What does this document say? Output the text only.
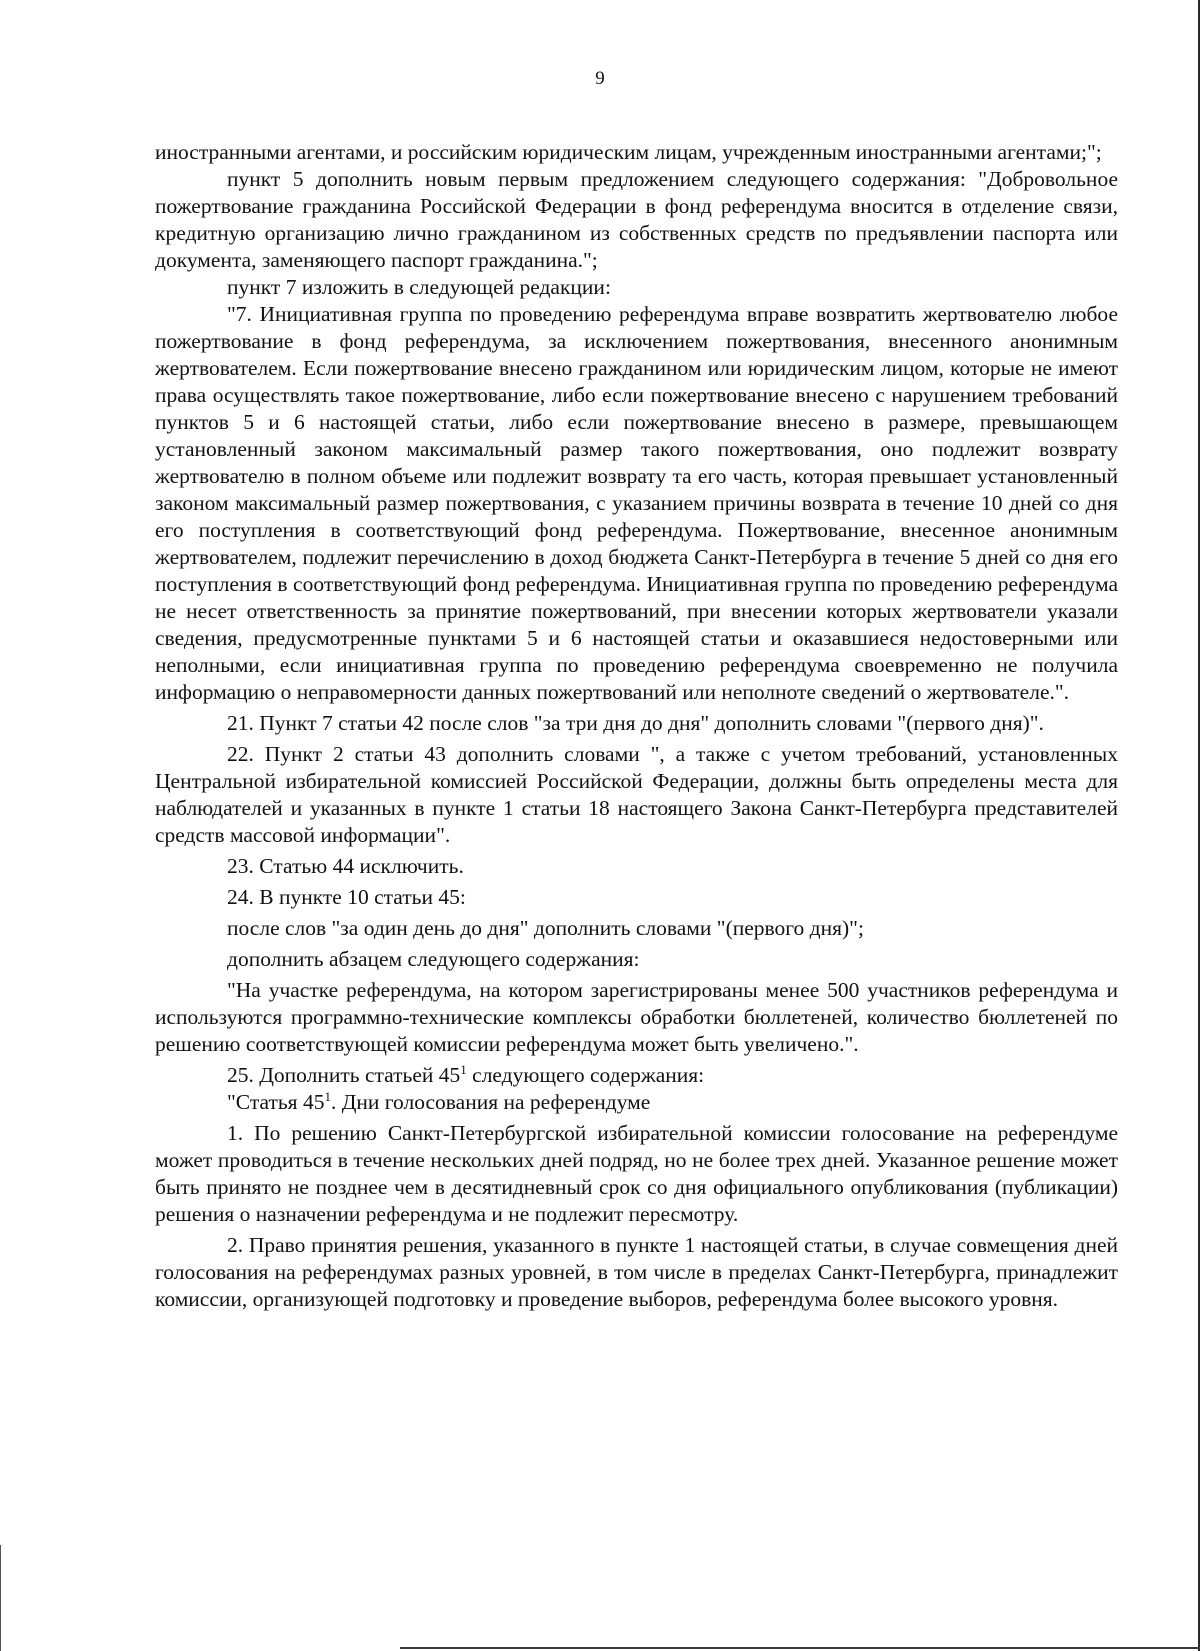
9

иностранными агентами, и российским юридическим лицам, учрежденным иностранными агентами;";

пункт 5 дополнить новым первым предложением следующего содержания: "Добровольное пожертвование гражданина Российской Федерации в фонд референдума вносится в отделение связи, кредитную организацию лично гражданином из собственных средств по предъявлении паспорта или документа, заменяющего паспорт гражданина.";

пункт 7 изложить в следующей редакции:

"7. Инициативная группа по проведению референдума вправе возвратить жертвователю любое пожертвование в фонд референдума, за исключением пожертвования, внесенного анонимным жертвователем. Если пожертвование внесено гражданином или юридическим лицом, которые не имеют права осуществлять такое пожертвование, либо если пожертвование внесено с нарушением требований пунктов 5 и 6 настоящей статьи, либо если пожертвование внесено в размере, превышающем установленный законом максимальный размер такого пожертвования, оно подлежит возврату жертвователю в полном объеме или подлежит возврату та его часть, которая превышает установленный законом максимальный размер пожертвования, с указанием причины возврата в течение 10 дней со дня его поступления в соответствующий фонд референдума. Пожертвование, внесенное анонимным жертвователем, подлежит перечислению в доход бюджета Санкт-Петербурга в течение 5 дней со дня его поступления в соответствующий фонд референдума. Инициативная группа по проведению референдума не несет ответственность за принятие пожертвований, при внесении которых жертвователи указали сведения, предусмотренные пунктами 5 и 6 настоящей статьи и оказавшиеся недостоверными или неполными, если инициативная группа по проведению референдума своевременно не получила информацию о неправомерности данных пожертвований или неполноте сведений о жертвователе.".

21. Пункт 7 статьи 42 после слов "за три дня до дня" дополнить словами "(первого дня)".

22. Пункт 2 статьи 43 дополнить словами ", а также с учетом требований, установленных Центральной избирательной комиссией Российской Федерации, должны быть определены места для наблюдателей и указанных в пункте 1 статьи 18 настоящего Закона Санкт-Петербурга представителей средств массовой информации".

23. Статью 44 исключить.

24. В пункте 10 статьи 45:

после слов "за один день до дня" дополнить словами "(первого дня)";

дополнить абзацем следующего содержания:

"На участке референдума, на котором зарегистрированы менее 500 участников референдума и используются программно-технические комплексы обработки бюллетеней, количество бюллетеней по решению соответствующей комиссии референдума может быть увеличено.".

25. Дополнить статьей $45^1$ следующего содержания:

"Статья $45^1$. Дни голосования на референдуме

1. По решению Санкт-Петербургской избирательной комиссии голосование на референдуме может проводиться в течение нескольких дней подряд, но не более трех дней. Указанное решение может быть принято не позднее чем в десятидневный срок со дня официального опубликования (публикации) решения о назначении референдума и не подлежит пересмотру.

2. Право принятия решения, указанного в пункте 1 настоящей статьи, в случае совмещения дней голосования на референдумах разных уровней, в том числе в пределах Санкт-Петербурга, принадлежит комиссии, организующей подготовку и проведение выборов, референдума более высокого уровня.
